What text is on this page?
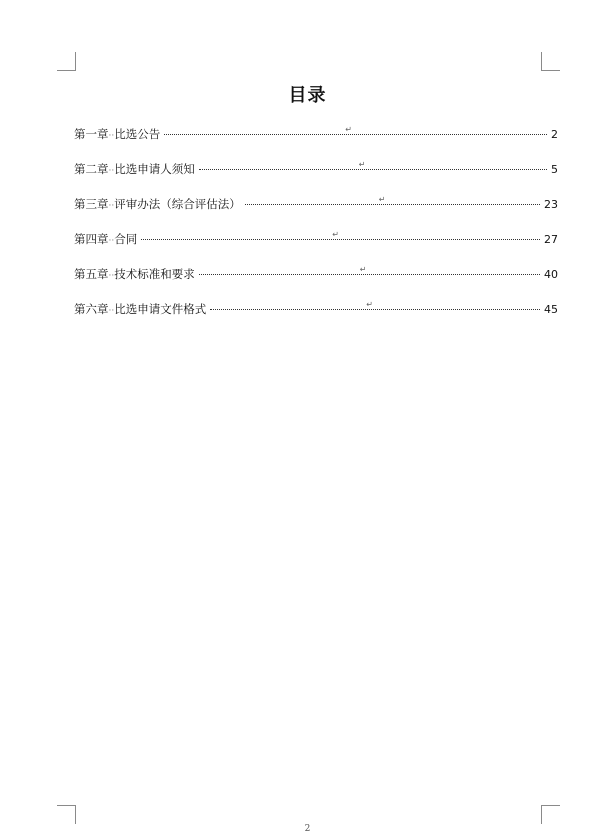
目录
第一章 ·· 比选公告	↵	2
第二章 ·· 比选申请人须知	↵	5
第三章 ·· 评审办法（综合评估法）	↵	23
第四章 ·· 合同	↵	27
第五章 ·· 技术标准和要求	↵	40
第六章 ·· 比选申请文件格式	↵	45
2
